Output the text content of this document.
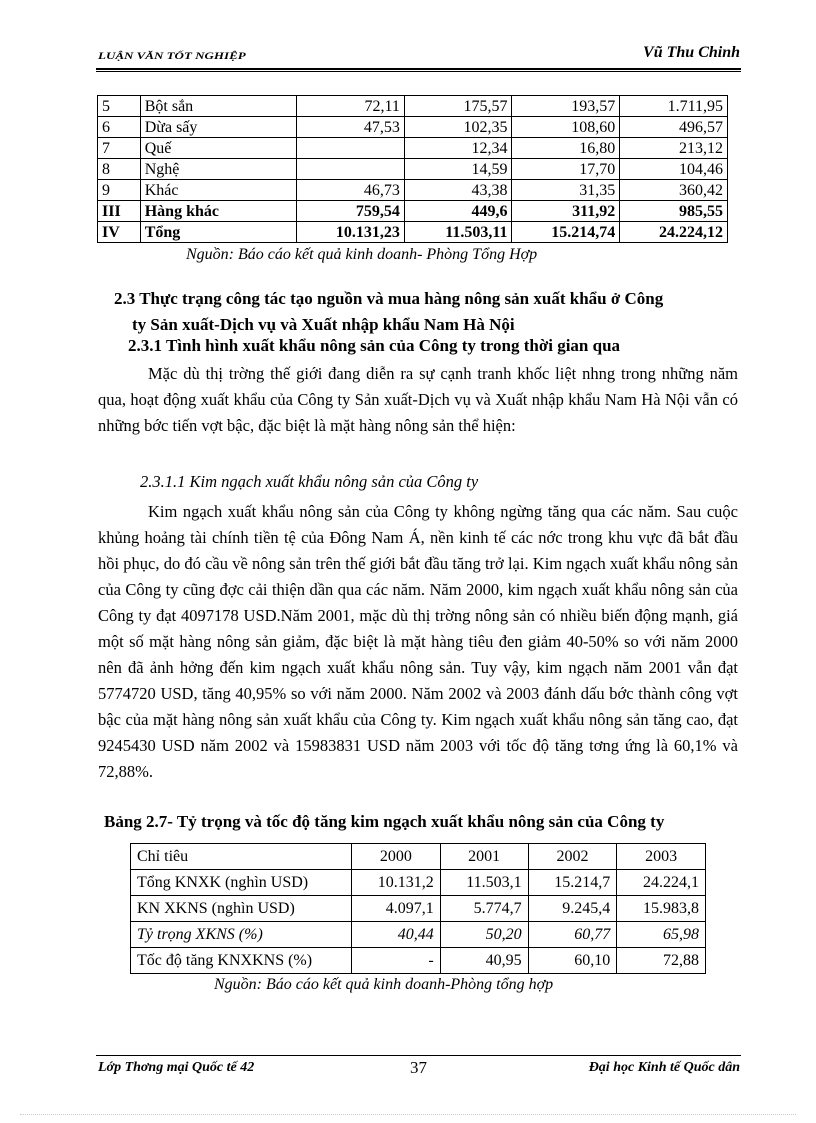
LUẬN VĂN TỐT NGHIỆP	Vũ Thu Chinh
5	Bột sắn	72,11	175,57	193,57	1.711,95
6	Dừa sấy	47,53	102,35	108,60	496,57
7	Quế		12,34	16,80	213,12
8	Nghệ		14,59	17,70	104,46
9	Khác	46,73	43,38	31,35	360,42
III	Hàng khác	759,54	449,6	311,92	985,55
IV	Tổng	10.131,23	11.503,11	15.214,74	24.224,12
Nguồn: Báo cáo kết quả kinh doanh- Phòng Tổng Hợp
2.3 Thực trạng công tác tạo nguồn và mua hàng nông sản xuất khẩu ở Công
ty Sản xuất-Dịch vụ và Xuất nhập khẩu Nam Hà Nội
2.3.1 Tình hình xuất khẩu nông sản của Công ty trong thời gian qua
Mặc dù thị trờng thế giới đang diễn ra sự cạnh tranh khốc liệt nhng trong những năm qua, hoạt động xuất khẩu của Công ty Sản xuất-Dịch vụ và Xuất nhập khẩu Nam Hà Nội vẫn có những bớc tiến vợt bậc, đặc biệt là mặt hàng nông sản thể hiện:
2.3.1.1 Kim ngạch xuất khẩu nông sản của Công ty
Kim ngạch xuất khẩu nông sản của Công ty không ngừng tăng qua các năm. Sau cuộc khủng hoảng tài chính tiền tệ của Đông Nam Á, nền kinh tế các nớc trong khu vực đã bắt đầu hồi phục, do đó cầu về nông sản trên thế giới bắt đầu tăng trở lại. Kim ngạch xuất khẩu nông sản của Công ty cũng đợc cải thiện dần qua các năm. Năm 2000, kim ngạch xuất khẩu nông sản của Công ty đạt 4097178 USD.Năm 2001, mặc dù thị trờng nông sản có nhiều biến động mạnh, giá một số mặt hàng nông sản giảm, đặc biệt là mặt hàng tiêu đen giảm 40-50% so với năm 2000 nên đã ảnh hởng đến kim ngạch xuất khẩu nông sản. Tuy vậy, kim ngạch năm 2001 vẫn đạt 5774720 USD, tăng 40,95% so với năm 2000. Năm 2002 và 2003 đánh dấu bớc thành công vợt bậc của mặt hàng nông sản xuất khẩu của Công ty. Kim ngạch xuất khẩu nông sản tăng cao, đạt 9245430 USD năm 2002 và 15983831 USD năm 2003 với tốc độ tăng tơng ứng là 60,1% và 72,88%.
Bảng 2.7- Tỷ trọng và tốc độ tăng kim ngạch xuất khẩu nông sản của Công ty
Chỉ tiêu	2000	2001	2002	2003
Tổng KNXK (nghìn USD)	10.131,2	11.503,1	15.214,7	24.224,1
KN XKNS (nghìn USD)	4.097,1	5.774,7	9.245,4	15.983,8
Tỷ trọng XKNS (%)	40,44	50,20	60,77	65,98
Tốc độ tăng KNXKNS (%)	-	40,95	60,10	72,88
Nguồn: Báo cáo kết quả kinh doanh-Phòng tổng hợp
Lớp Thơng mại Quốc tế 42	37	Đại học Kinh tế Quốc dân
